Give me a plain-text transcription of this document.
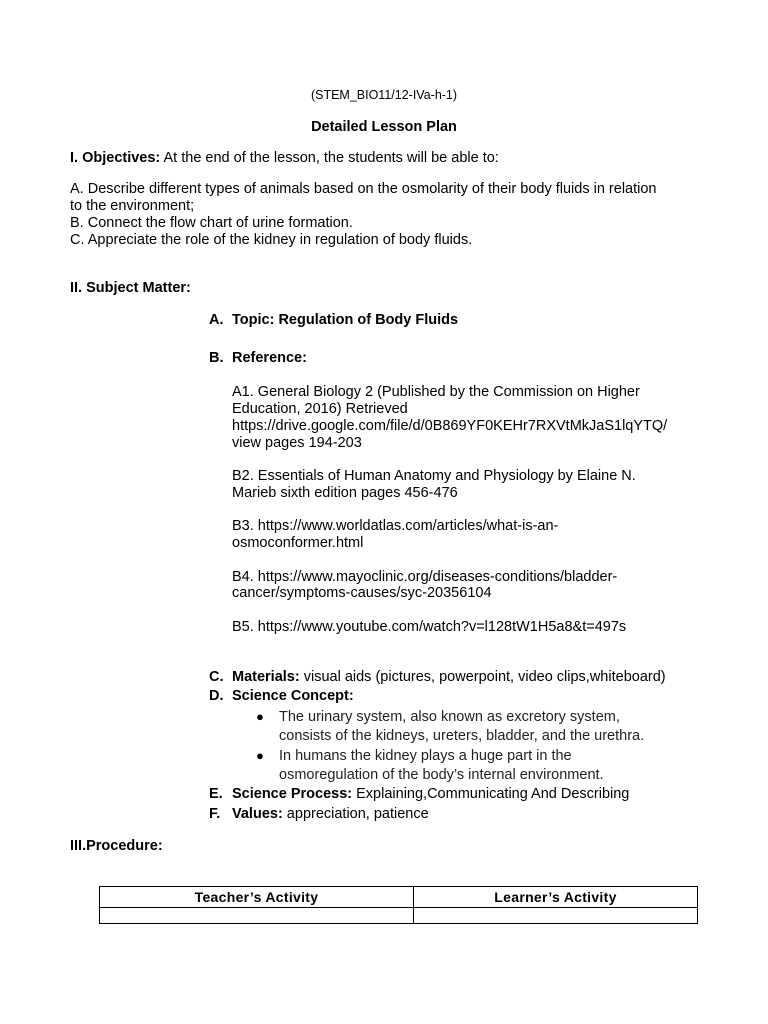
(STEM_BIO11/12-IVa-h-1)
Detailed Lesson Plan
I. Objectives: At the end of the lesson, the students will be able to:
A. Describe different types of animals based on the osmolarity of their body fluids in relation
to the environment;
B. Connect the flow chart of urine formation.
C. Appreciate the role of the kidney in regulation of body fluids.
II. Subject Matter:
A. Topic: Regulation of Body Fluids
B. Reference:
A1. General Biology 2 (Published by the Commission on Higher
Education, 2016) Retrieved
https://drive.google.com/file/d/0B869YF0KEHr7RXVtMkJaS1lqYTQ/
view pages 194-203
B2. Essentials of Human Anatomy and Physiology by Elaine N.
Marieb sixth edition pages 456-476
B3. https://www.worldatlas.com/articles/what-is-an-
osmoconformer.html
B4. https://www.mayoclinic.org/diseases-conditions/bladder-
cancer/symptoms-causes/syc-20356104
B5. https://www.youtube.com/watch?v=l128tW1H5a8&t=497s
C. Materials: visual aids (pictures, powerpoint, video clips,whiteboard)
D. Science Concept:
● The urinary system, also known as excretory system,
consists of the kidneys, ureters, bladder, and the urethra.
● In humans the kidney plays a huge part in the
osmoregulation of the body’s internal environment.
E. Science Process: Explaining,Communicating And Describing
F. Values: appreciation, patience
III.Procedure:
Teacher’s Activity	Learner’s Activity
